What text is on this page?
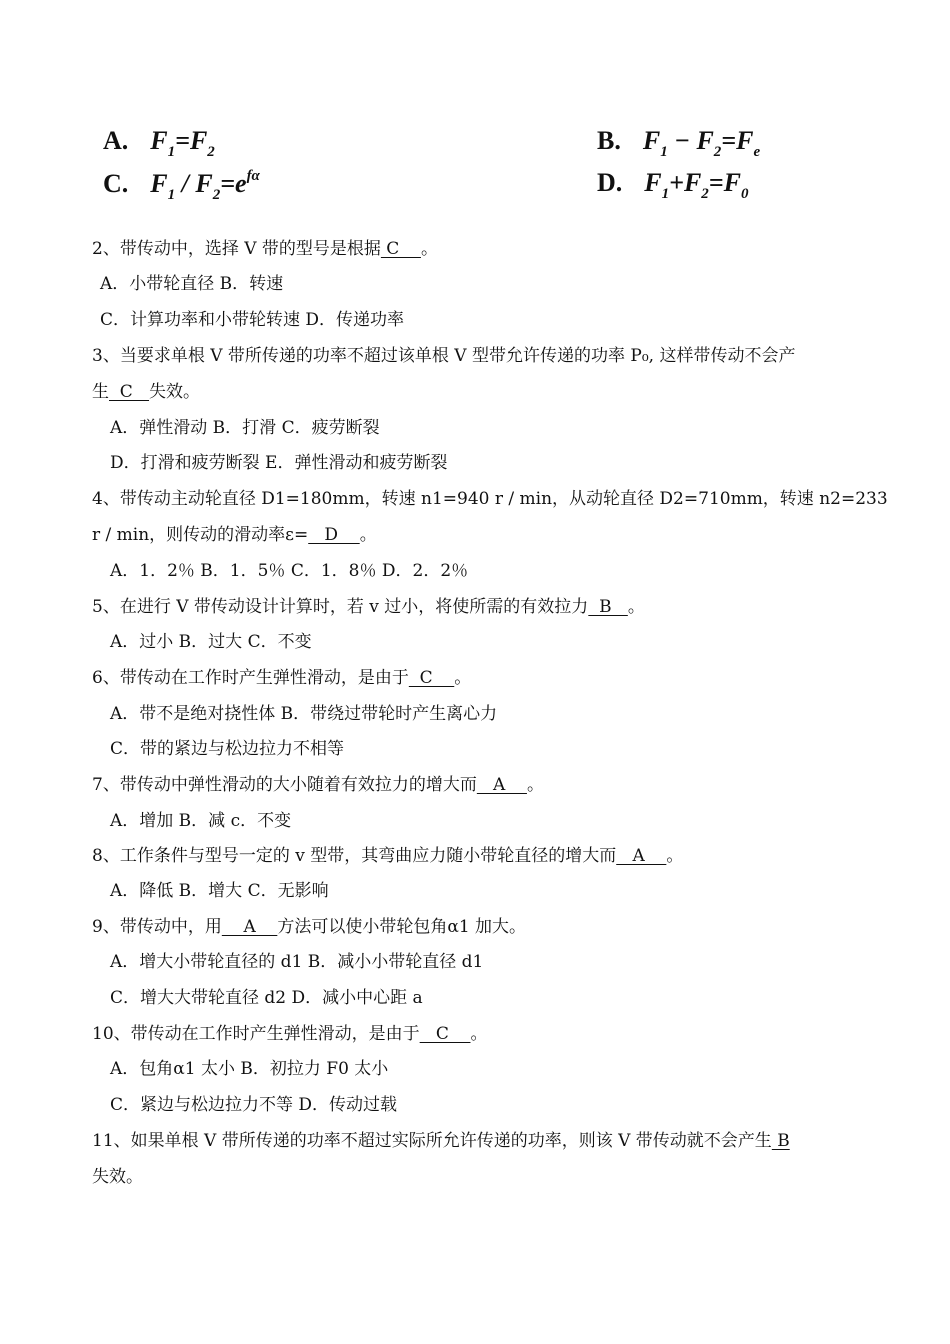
A. $F_1=F_2$	B. $F_1 - F_2=F_e$
C. $F_1 / F_2=e^{f\alpha}$	D. $F_1+F_2=F_0$
2、带传动中，选择 V 带的型号是根据 C    。
A．小带轮直径 B．转速
C．计算功率和小带轮转速 D．传递功率
3、当要求单根 V 带所传递的功率不超过该单根 V 型带允许传递的功率 P₀, 这样带传动不会产
生  C   失效。
A．弹性滑动 B．打滑 C．疲劳断裂
D．打滑和疲劳断裂 E．弹性滑动和疲劳断裂
4、带传动主动轮直径 D1=180mm，转速 n1=940 r / min，从动轮直径 D2=710mm，转速 n2=233
r / min，则传动的滑动率ε=   D    。
A．1．2％ B．1．5％ C．1．8％ D．2．2％
5、在进行 V 带传动设计计算时，若 v 过小，将使所需的有效拉力  B   。
A．过小 B．过大 C．不变
6、带传动在工作时产生弹性滑动，是由于  C    。
A．带不是绝对挠性体 B．带绕过带轮时产生离心力
C．带的紧边与松边拉力不相等
7、带传动中弹性滑动的大小随着有效拉力的增大而   A    。
A．增加 B．减 c．不变
8、工作条件与型号一定的 v 型带，其弯曲应力随小带轮直径的增大而   A    。
A．降低 B．增大 C．无影响
9、带传动中，用    A    方法可以使小带轮包角α1 加大。
A．增大小带轮直径的 d1 B．减小小带轮直径 d1
C．增大大带轮直径 d2 D．减小中心距 a
10、带传动在工作时产生弹性滑动，是由于   C    。
A．包角α1 太小 B．初拉力 F0 太小
C．紧边与松边拉力不等 D．传动过载
11、如果单根 V 带所传递的功率不超过实际所允许传递的功率，则该 V 带传动就不会产生 B
失效。
